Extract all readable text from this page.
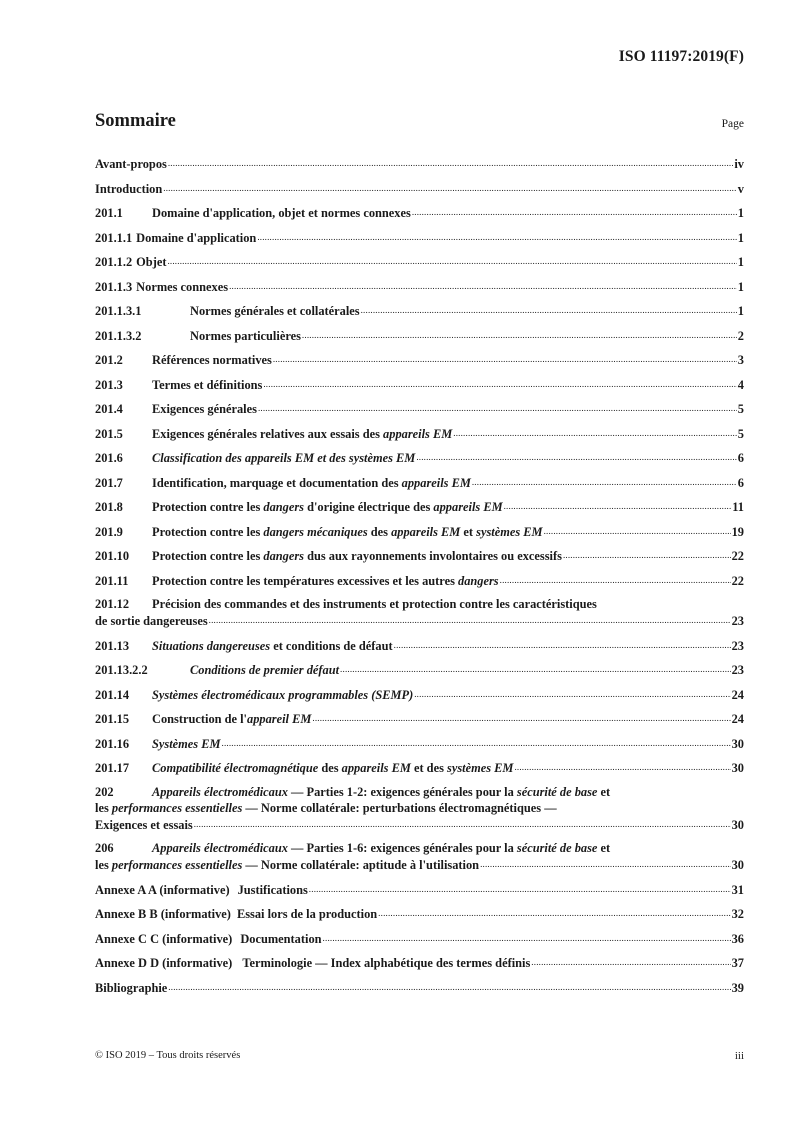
ISO 11197:2019(F)
Sommaire	Page
Avant-propos .....	iv
Introduction .....	v
201.1	Domaine d'application, objet et normes connexes .....	1
201.1.1 Domaine d'application .....	1
201.1.2 Objet .....	1
201.1.3 Normes connexes .....	1
201.1.3.1	Normes générales et collatérales .....	1
201.1.3.2	Normes particulières .....	2
201.2	Références normatives .....	3
201.3	Termes et définitions .....	4
201.4	Exigences générales .....	5
201.5	Exigences générales relatives aux essais des appareils EM .....	5
201.6	Classification des appareils EM et des systèmes EM .....	6
201.7	Identification, marquage et documentation des appareils EM .....	6
201.8	Protection contre les dangers d'origine électrique des appareils EM .....	11
201.9	Protection contre les dangers mécaniques des appareils EM et systèmes EM .....	19
201.10	Protection contre les dangers dus aux rayonnements involontaires ou excessifs .....	22
201.11	Protection contre les températures excessives et les autres dangers .....	22
201.12 Précision des commandes et des instruments et protection contre les caractéristiques
de sortie dangereuses .....	23
201.13	Situations dangereuses et conditions de défaut .....	23
201.13.2.2	Conditions de premier défaut .....	23
201.14	Systèmes électromédicaux programmables (SEMP) .....	24
201.15	Construction de l'appareil EM .....	24
201.16	Systèmes EM .....	30
201.17	Compatibilité électromagnétique des appareils EM et des systèmes EM .....	30
202	Appareils électromédicaux — Parties 1-2: exigences générales pour la sécurité de base et
les performances essentielles — Norme collatérale: perturbations électromagnétiques —
Exigences et essais .....	30
206	Appareils électromédicaux — Parties 1-6: exigences générales pour la sécurité de base et
les performances essentielles — Norme collatérale: aptitude à l'utilisation .....	30
Annexe A A (informative) Justifications .....	31
Annexe B B (informative) Essai lors de la production .....	32
Annexe C C (informative) Documentation .....	36
Annexe D D (informative) Terminologie — Index alphabétique des termes définis .....	37
Bibliographie .....	39
© ISO 2019 – Tous droits réservés	iii
